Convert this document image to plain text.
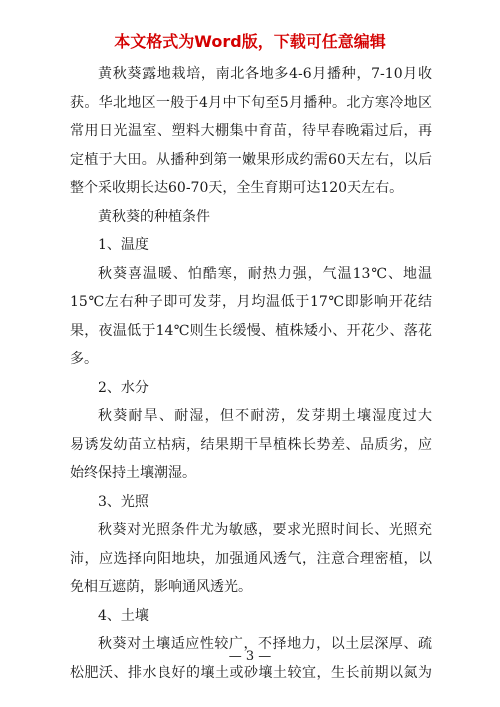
本文格式为Word版，下载可任意编辑
黄秋葵露地栽培，南北各地多4-6月播种，7-10月收
获。华北地区一般于4月中下旬至5月播种。北方寒冷地区
常用日光温室、塑料大棚集中育苗，待早春晚霜过后，再
定植于大田。从播种到第一嫩果形成约需60天左右，以后
整个采收期长达60-70天，全生育期可达120天左右。
黄秋葵的种植条件
1、温度
秋葵喜温暖、怕酷寒，耐热力强，气温13℃、地温
15℃左右种子即可发芽，月均温低于17℃即影响开花结
果，夜温低于14℃则生长缓慢、植株矮小、开花少、落花
多。
2、水分
秋葵耐旱、耐湿，但不耐涝，发芽期土壤湿度过大
易诱发幼苗立枯病，结果期干旱植株长势差、品质劣，应
始终保持土壤潮湿。
3、光照
秋葵对光照条件尤为敏感，要求光照时间长、光照充
沛，应选择向阳地块，加强通风透气，注意合理密植，以
免相互遮荫，影响通风透光。
4、土壤
秋葵对土壤适应性较广，不择地力，以土层深厚、疏
松肥沃、排水良好的壤土或砂壤土较宜，生长前期以氮为
— 3 —
